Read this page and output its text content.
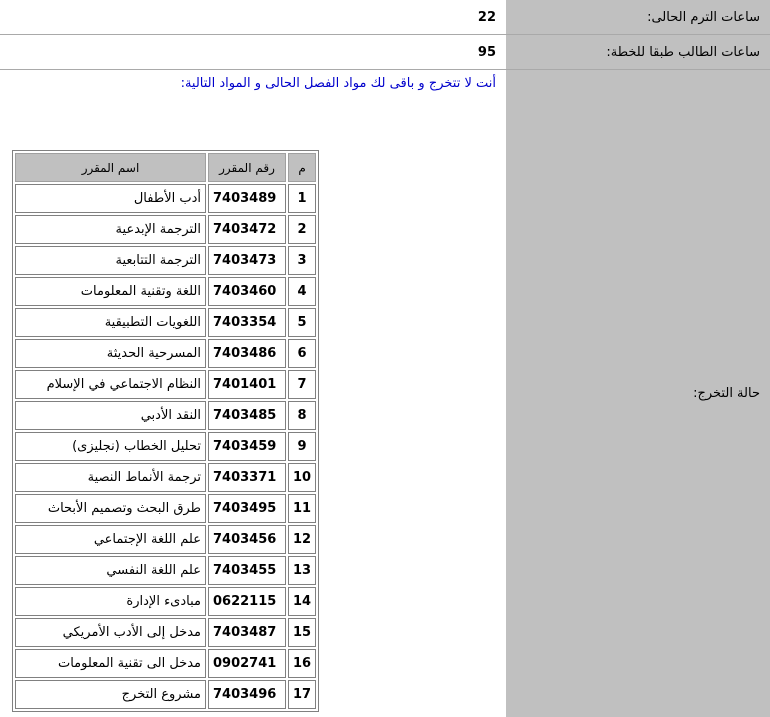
ساعات الترم الحالى:
22
ساعات الطالب طبقا للخطة:
95
حالة التخرج:
أنت لا تتخرج و باقى لك مواد الفصل الحالى و المواد التالية:
م	رقم المقرر	اسم المقرر
1	7403489	أدب الأطفال
2	7403472	الترجمة الإبدعية
3	7403473	الترجمة التتابعية
4	7403460	اللغة وتقنية المعلومات
5	7403354	اللغويات التطبيقية
6	7403486	المسرحية الحديثة
7	7401401	النظام الاجتماعي في الإسلام
8	7403485	النقد الأدبي
9	7403459	تحليل الخطاب (نجليزى)
10	7403371	ترجمة الأنماط النصية
11	7403495	طرق البحث وتصميم الأبحاث
12	7403456	علم اللغة الإجتماعي
13	7403455	علم اللغة النفسي
14	0622115	مبادىء الإدارة
15	7403487	مدخل إلى الأدب الأمريكي
16	0902741	مدخل الى تقنية المعلومات
17	7403496	مشروع التخرج
